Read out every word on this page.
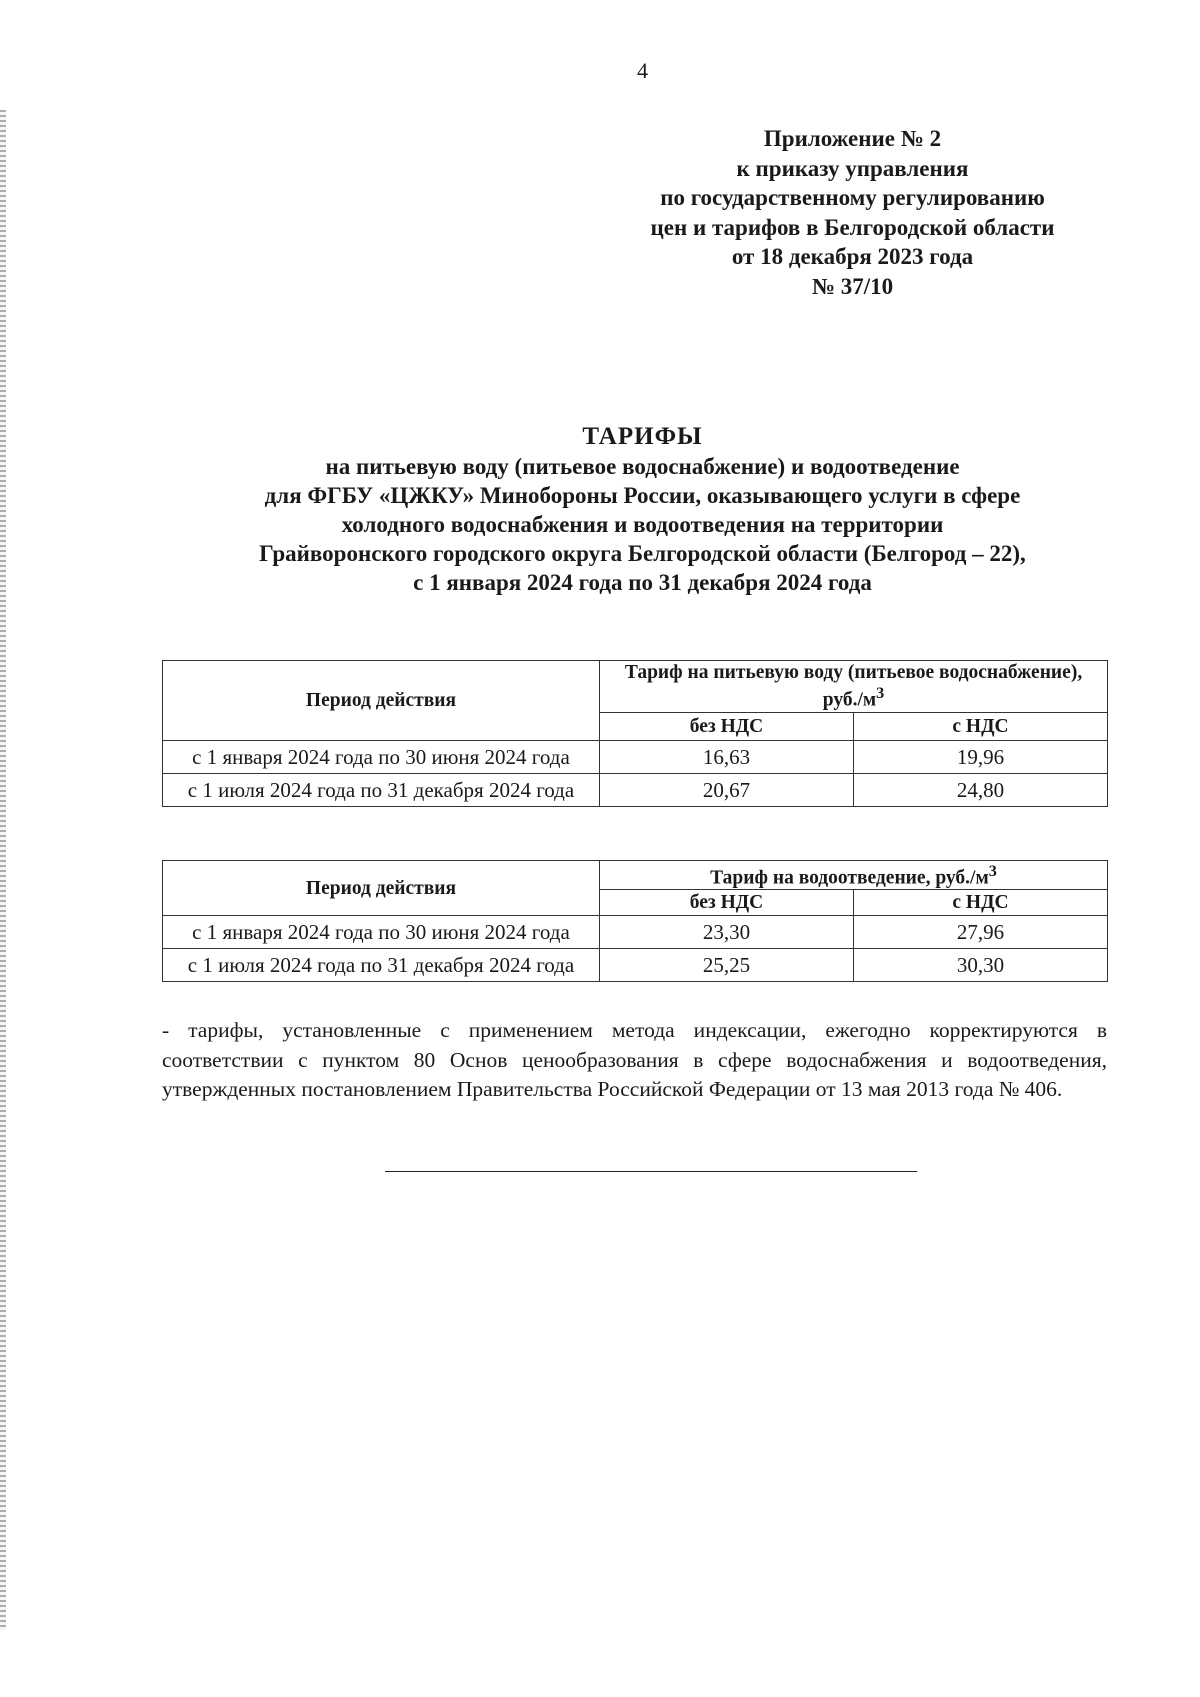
4
Приложение № 2
к приказу управления
по государственному регулированию
цен и тарифов в Белгородской области
от 18 декабря 2023 года
№ 37/10
ТАРИФЫ
на питьевую воду (питьевое водоснабжение) и водоотведение
для ФГБУ «ЦЖКУ» Минобороны России, оказывающего услуги в сфере
холодного водоснабжения и водоотведения на территории
Грайворонского городского округа Белгородской области (Белгород – 22),
с 1 января 2024 года по 31 декабря 2024 года
Период действия	Тариф на питьевую воду (питьевое водоснабжение), $руб./м^3$
	без НДС	с НДС
с 1 января 2024 года по 30 июня 2024 года	16,63	19,96
с 1 июля 2024 года по 31 декабря 2024 года	20,67	24,80
Период действия	Тариф на водоотведение, $руб./м^3$
	без НДС	с НДС
с 1 января 2024 года по 30 июня 2024 года	23,30	27,96
с 1 июля 2024 года по 31 декабря 2024 года	25,25	30,30
- тарифы, установленные с применением метода индексации, ежегодно корректируются в соответствии с пунктом 80 Основ ценообразования в сфере водоснабжения и водоотведения, утвержденных постановлением Правительства Российской Федерации от 13 мая 2013 года № 406.
